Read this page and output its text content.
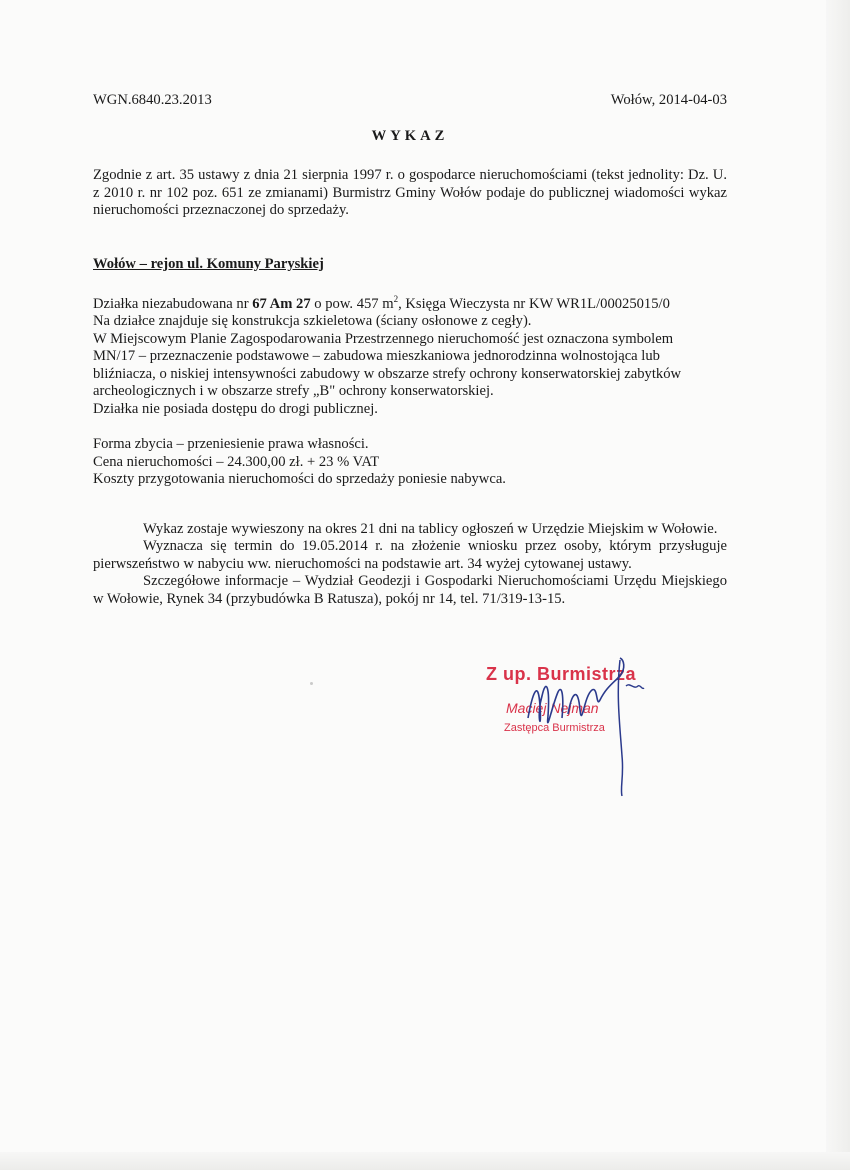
WGN.6840.23.2013	Wołów, 2014-04-03
WYKAZ
Zgodnie z art. 35 ustawy z dnia 21 sierpnia 1997 r. o gospodarce nieruchomościami (tekst jednolity: Dz. U. z 2010 r. nr 102 poz. 651 ze zmianami) Burmistrz Gminy Wołów podaje do publicznej wiadomości wykaz nieruchomości przeznaczonej do sprzedaży.
Wołów – rejon ul. Komuny Paryskiej
Działka niezabudowana nr 67 Am 27 o pow. 457 $m^2$, Księga Wieczysta nr KW WR1L/00025015/0
Na działce znajduje się konstrukcja szkieletowa (ściany osłonowe z cegły).
W Miejscowym Planie Zagospodarowania Przestrzennego nieruchomość jest oznaczona symbolem
MN/17 – przeznaczenie podstawowe – zabudowa mieszkaniowa jednorodzinna wolnostojąca lub
bliźniacza, o niskiej intensywności zabudowy w obszarze strefy ochrony konserwatorskiej zabytków
archeologicznych i w obszarze strefy „B" ochrony konserwatorskiej.
Działka nie posiada dostępu do drogi publicznej.
Forma zbycia – przeniesienie prawa własności.
Cena nieruchomości – 24.300,00 zł. + 23 % VAT
Koszty przygotowania nieruchomości do sprzedaży poniesie nabywca.
Wykaz zostaje wywieszony na okres 21 dni na tablicy ogłoszeń w Urzędzie Miejskim w Wołowie.
Wyznacza się termin do 19.05.2014 r. na złożenie wniosku przez osoby, którym przysługuje pierwszeństwo w nabyciu ww. nieruchomości na podstawie art. 34 wyżej cytowanej ustawy.
Szczegółowe informacje – Wydział Geodezji i Gospodarki Nieruchomościami Urzędu Miejskiego w Wołowie, Rynek 34 (przybudówka B Ratusza), pokój nr 14, tel. 71/319-13-15.
Z up. Burmistrza
Maciej Nejman
Zastępca Burmistrza
